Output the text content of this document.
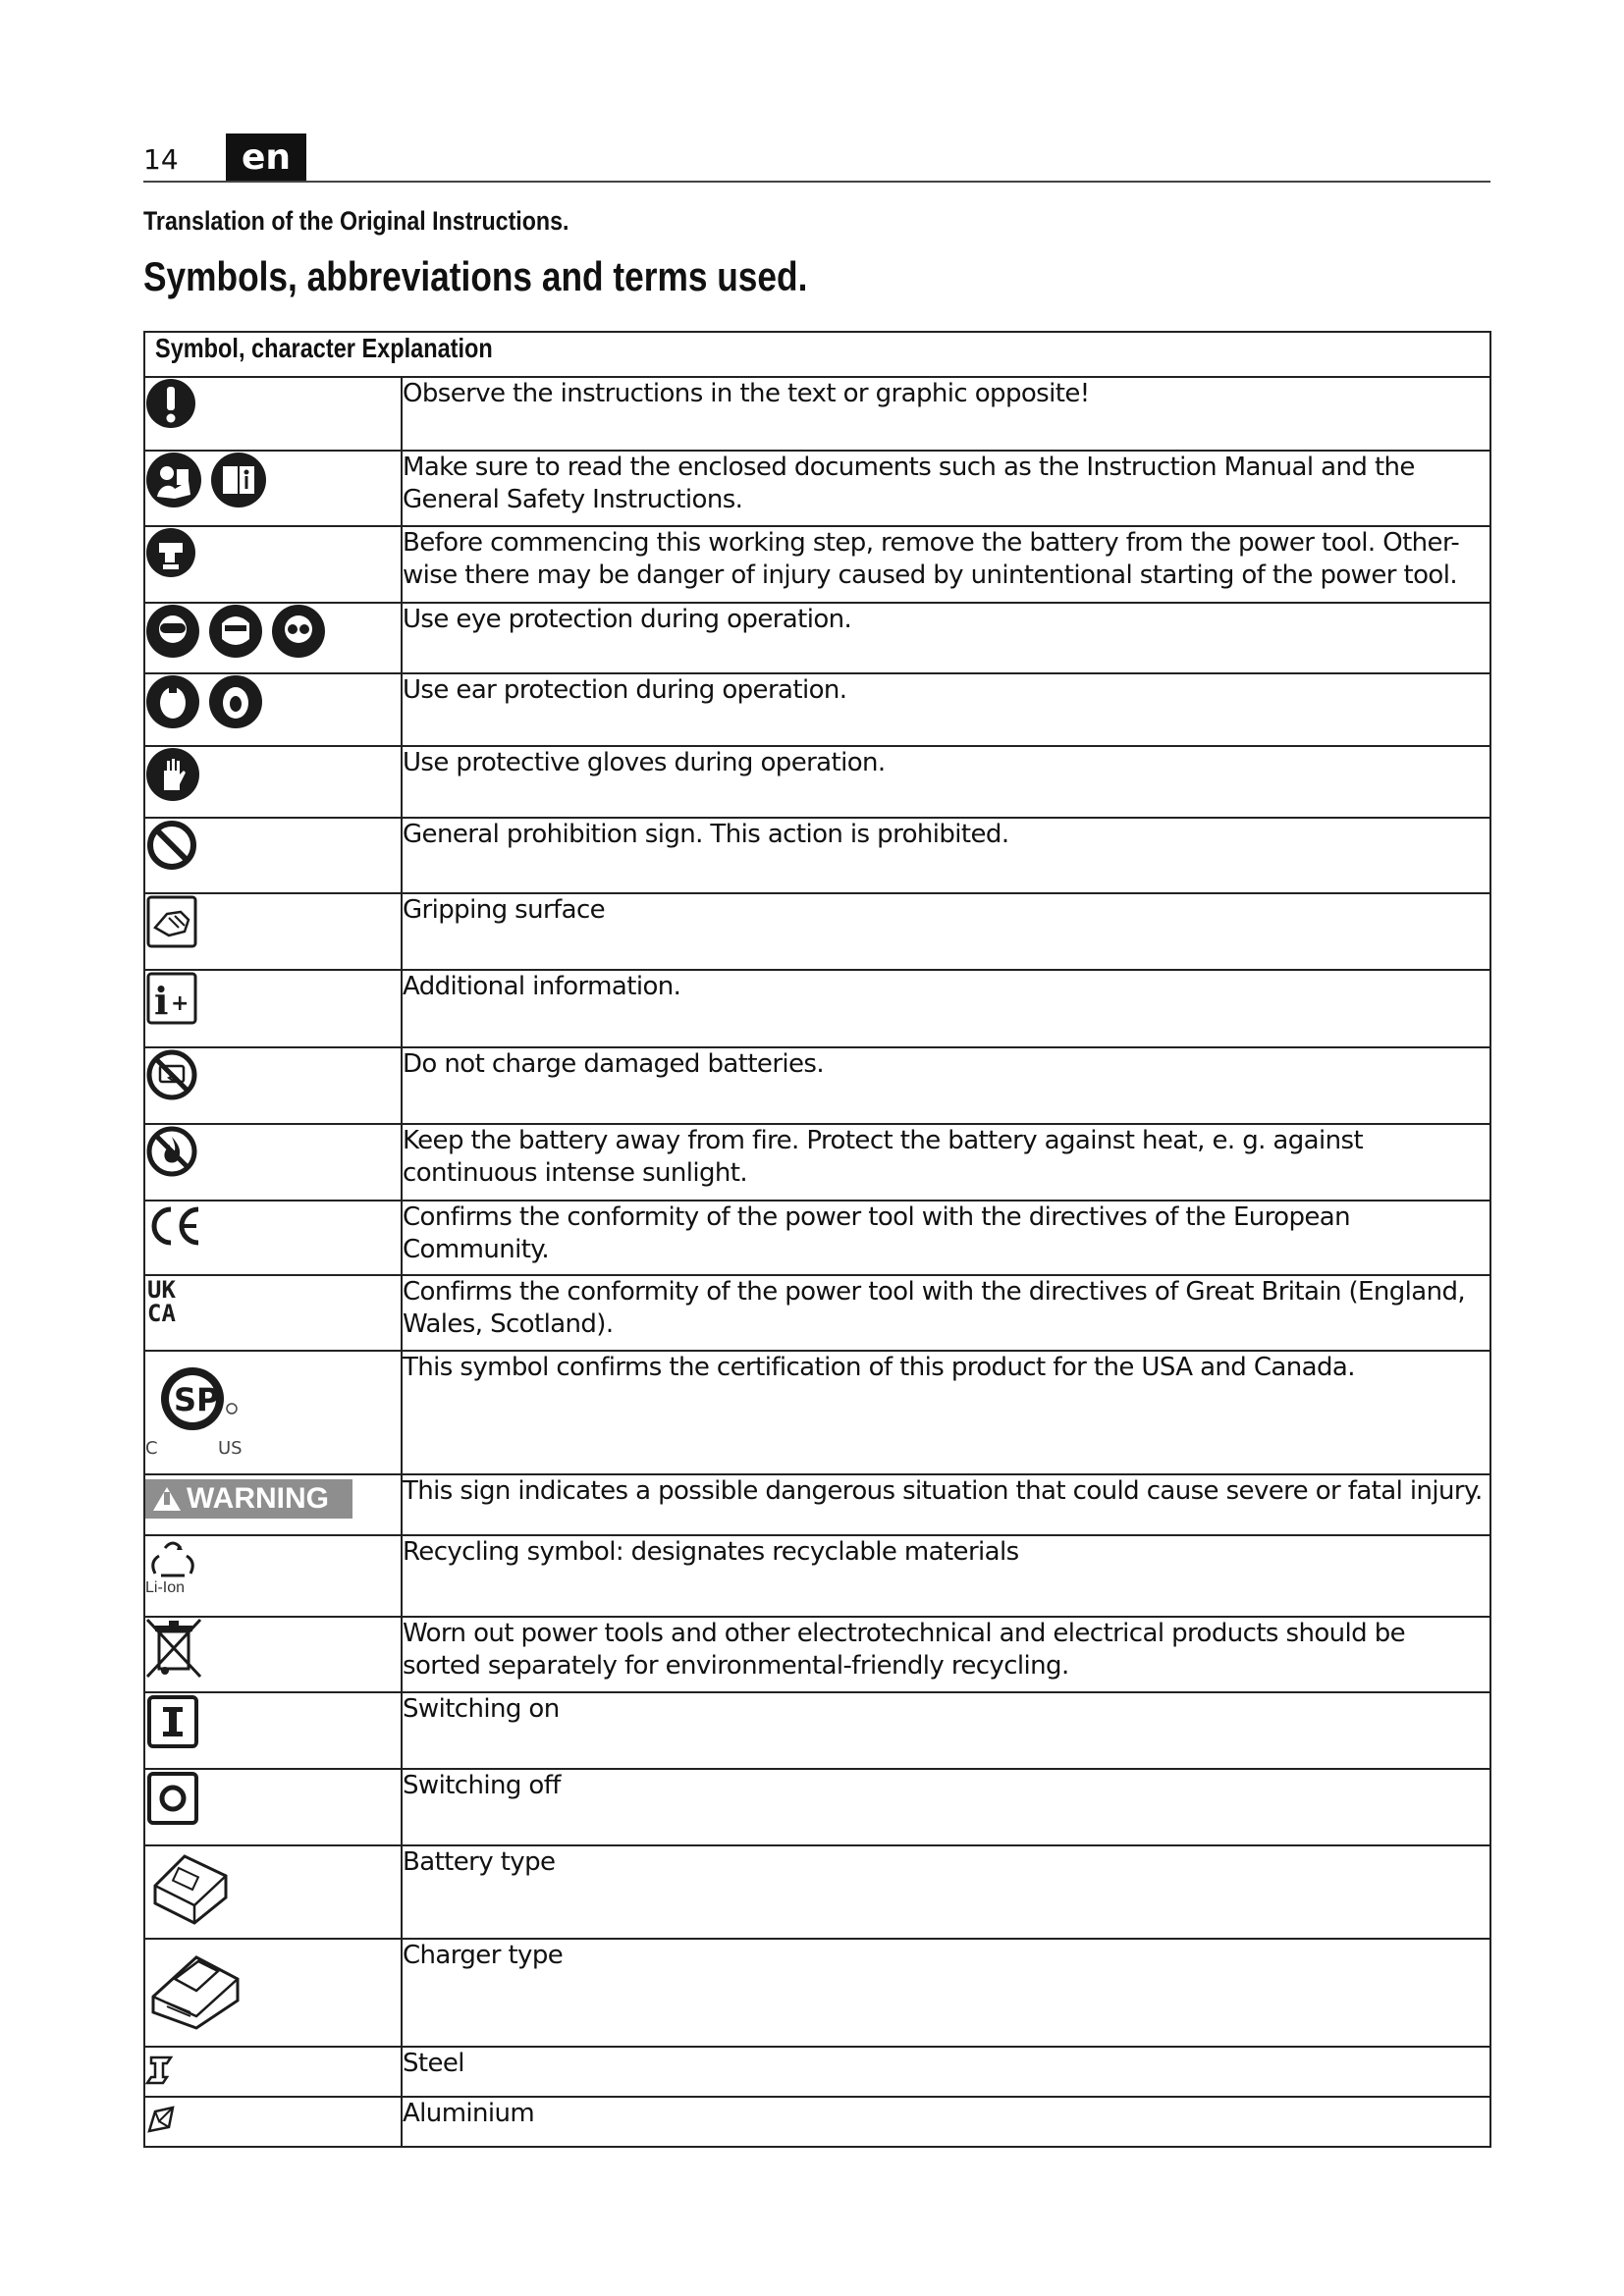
14	en
Translation of the Original Instructions.
Symbols, abbreviations and terms used.
Symbol, character Explanation	

	Observe the instructions in the text or graphic opposite!

	Make sure to read the enclosed documents such as the Instruction Manual and the General Safety Instructions.

	Before commencing this working step, remove the battery from the power tool. Other-wise there may be danger of injury caused by unintentional starting of the power tool.

	Use eye protection during operation.

	Use ear protection during operation.

	Use protective gloves during operation.

	General prohibition sign. This action is prohibited.

	Gripping surface

i +	Additional information.

	Do not charge damaged batteries.

	Keep the battery away from fire. Protect the battery against heat, e. g. against continuous intense sunlight.

	Confirms the conformity of the power tool with the directives of the European Community.

UK
CA	Confirms the conformity of the power tool with the directives of Great Britain (England, Wales, Scotland).

SP
C US	This symbol confirms the certification of this product for the USA and Canada.

WARNING	This sign indicates a possible dangerous situation that could cause severe or fatal injury.

Li-Ion	Recycling symbol: designates recyclable materials

	Worn out power tools and other electrotechnical and electrical products should be sorted separately for environmental-friendly recycling.

	Switching on

	Switching off

	Battery type

	Charger type

	Steel

	Aluminium
